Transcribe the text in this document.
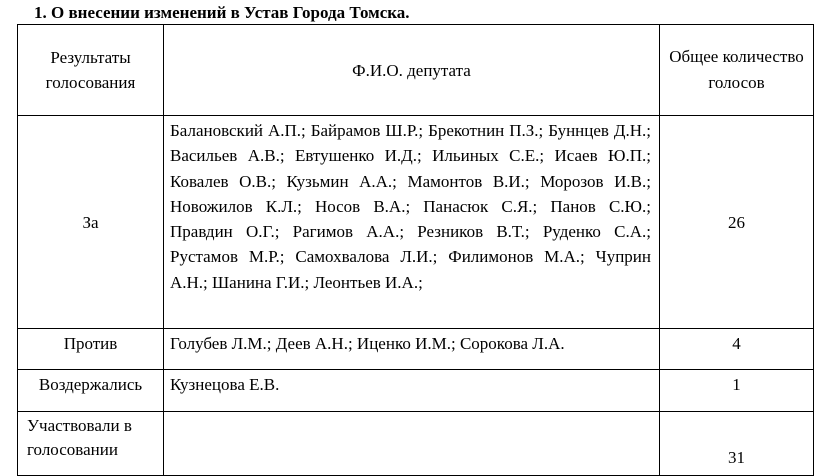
1. О внесении изменений в Устав Города Томска.
Результаты голосования	Ф.И.О. депутата	Общее количество голосов
За	Балановский А.П.; Байрамов Ш.Р.; Брекотнин П.З.; Буннцев Д.Н.; Васильев А.В.; Евтушенко И.Д.; Ильиных С.Е.; Исаев Ю.П.; Ковалев О.В.; Кузьмин А.А.; Мамонтов В.И.; Морозов И.В.; Новожилов К.Л.; Носов В.А.; Панасюк С.Я.; Панов С.Ю.; Правдин О.Г.; Рагимов А.А.; Резников В.Т.; Руденко С.А.; Рустамов М.Р.; Самохвалова Л.И.; Филимонов М.А.; Чуприн А.Н.; Шанина Г.И.; Леонтьев И.А.;	26
Против	Голубев Л.М.; Деев А.Н.; Иценко И.М.; Сорокова Л.А.	4
Воздержались	Кузнецова Е.В.	1
Участвовали в голосовании		31
